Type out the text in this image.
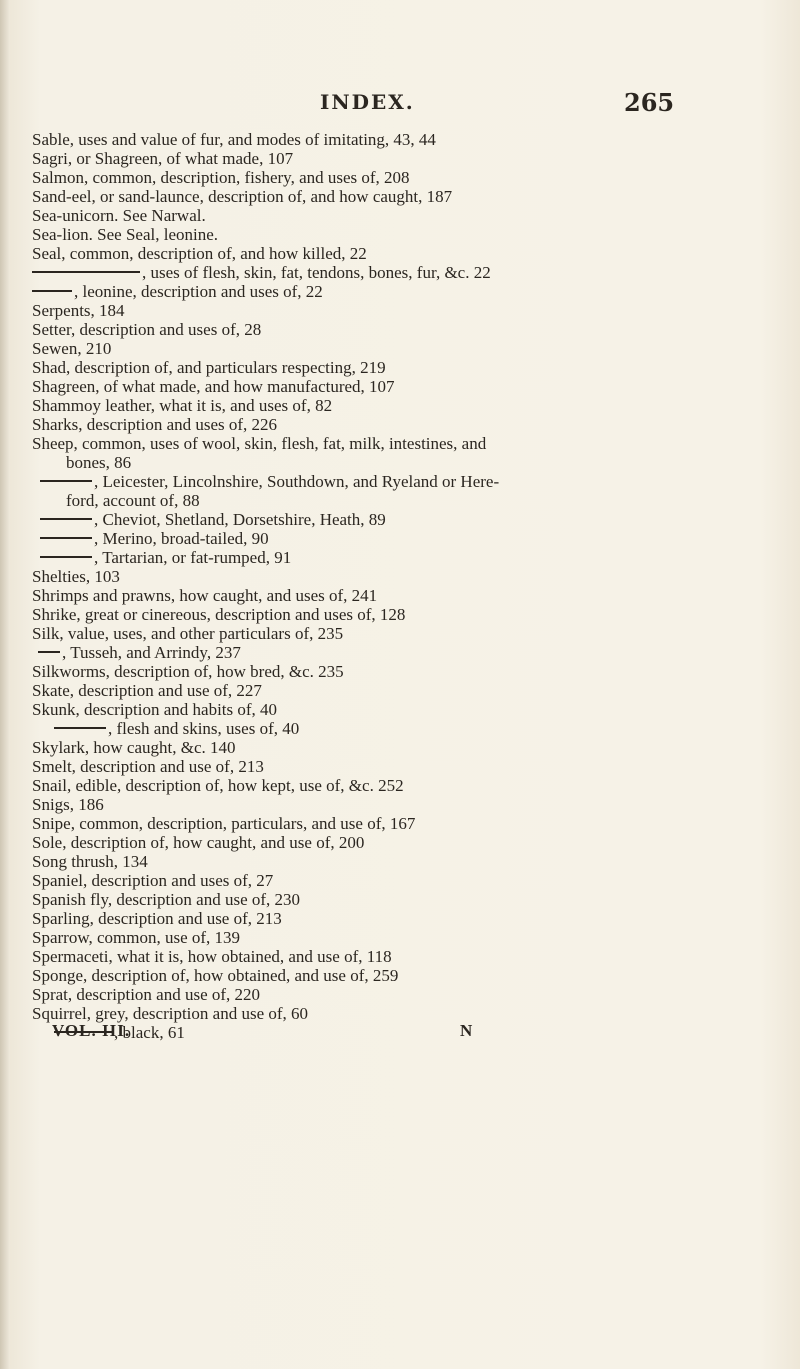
INDEX.	265
Sable, uses and value of fur, and modes of imitating, 43, 44
Sagri, or Shagreen, of what made, 107
Salmon, common, description, fishery, and uses of, 208
Sand-eel, or sand-launce, description of, and how caught, 187
Sea-unicorn. See Narwal.
Sea-lion. See Seal, leonine.
Seal, common, description of, and how killed, 22
, uses of flesh, skin, fat, tendons, bones, fur, &c. 22
, leonine, description and uses of, 22
Serpents, 184
Setter, description and uses of, 28
Sewen, 210
Shad, description of, and particulars respecting, 219
Shagreen, of what made, and how manufactured, 107
Shammoy leather, what it is, and uses of, 82
Sharks, description and uses of, 226
Sheep, common, uses of wool, skin, flesh, fat, milk, intestines, and
bones, 86
, Leicester, Lincolnshire, Southdown, and Ryeland or Here-
ford, account of, 88
, Cheviot, Shetland, Dorsetshire, Heath, 89
, Merino, broad-tailed, 90
, Tartarian, or fat-rumped, 91
Shelties, 103
Shrimps and prawns, how caught, and uses of, 241
Shrike, great or cinereous, description and uses of, 128
Silk, value, uses, and other particulars of, 235
, Tusseh, and Arrindy, 237
Silkworms, description of, how bred, &c. 235
Skate, description and use of, 227
Skunk, description and habits of, 40
, flesh and skins, uses of, 40
Skylark, how caught, &c. 140
Smelt, description and use of, 213
Snail, edible, description of, how kept, use of, &c. 252
Snigs, 186
Snipe, common, description, particulars, and use of, 167
Sole, description of, how caught, and use of, 200
Song thrush, 134
Spaniel, description and uses of, 27
Spanish fly, description and use of, 230
Sparling, description and use of, 213
Sparrow, common, use of, 139
Spermaceti, what it is, how obtained, and use of, 118
Sponge, description of, how obtained, and use of, 259
Sprat, description and use of, 220
Squirrel, grey, description and use of, 60
, black, 61
VOL. III.	N
